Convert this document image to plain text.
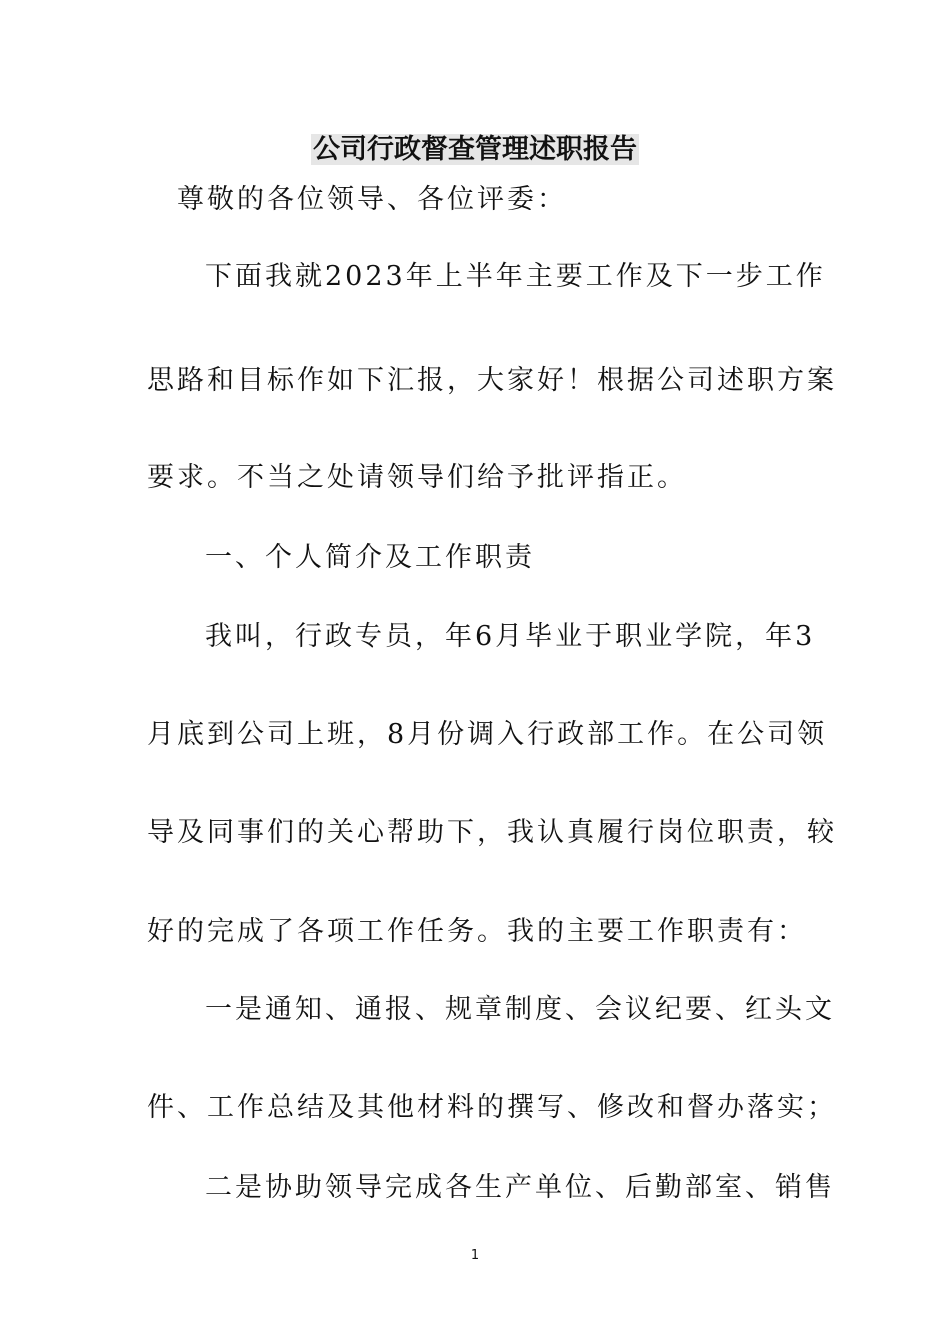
公司行政督查管理述职报告
尊敬的各位领导、各位评委：
下面我就2023年上半年主要工作及下一步工作
思路和目标作如下汇报，大家好！根据公司述职方案
要求。不当之处请领导们给予批评指正。
一、个人简介及工作职责
我叫，行政专员，年6月毕业于职业学院，年3
月底到公司上班，8月份调入行政部工作。在公司领
导及同事们的关心帮助下，我认真履行岗位职责，较
好的完成了各项工作任务。我的主要工作职责有：
一是通知、通报、规章制度、会议纪要、红头文
件、工作总结及其他材料的撰写、修改和督办落实；
二是协助领导完成各生产单位、后勤部室、销售
1
